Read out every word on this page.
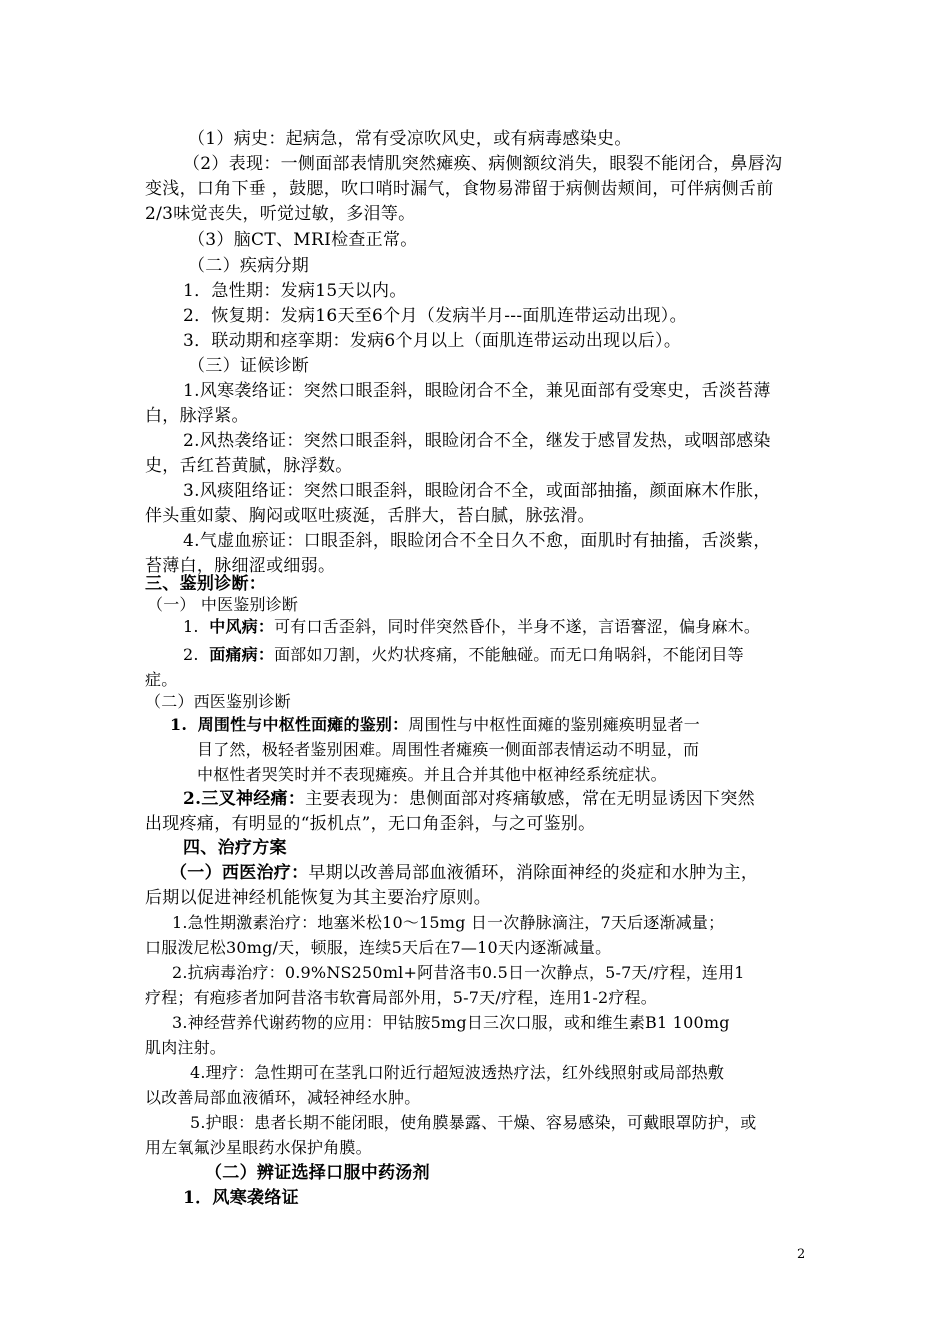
（1）病史：起病急，常有受凉吹风史，或有病毒感染史。
（2）表现：一侧面部表情肌突然瘫痪、病侧额纹消失，眼裂不能闭合，鼻唇沟
变浅，口角下垂 ，鼓腮，吹口哨时漏气，食物易滞留于病侧齿颊间，可伴病侧舌前
2/3味觉丧失，听觉过敏，多泪等。
（3）脑CT、MRI检查正常。
（二）疾病分期
1．急性期：发病15天以内。
2．恢复期：发病16天至6个月（发病半月---面肌连带运动出现）。
3．联动期和痉挛期：发病6个月以上（面肌连带运动出现以后）。
（三）证候诊断
1.风寒袭络证：突然口眼歪斜，眼睑闭合不全，兼见面部有受寒史，舌淡苔薄
白，脉浮紧。
2.风热袭络证：突然口眼歪斜，眼睑闭合不全，继发于感冒发热，或咽部感染
史，舌红苔黄腻，脉浮数。
3.风痰阻络证：突然口眼歪斜，眼睑闭合不全，或面部抽搐，颜面麻木作胀，
伴头重如蒙、胸闷或呕吐痰涎，舌胖大，苔白腻，脉弦滑。
4.气虚血瘀证：口眼歪斜，眼睑闭合不全日久不愈，面肌时有抽搐，舌淡紫，
苔薄白，脉细涩或细弱。
三、鉴别诊断：
（一） 中医鉴别诊断
1. 中风病：可有口舌歪斜，同时伴突然昏仆，半身不遂，言语謇涩，偏身麻木。
2. 面痛病：面部如刀割，火灼状疼痛，不能触碰。而无口角㖞斜，不能闭目等
症。
（二）西医鉴别诊断
1. 周围性与中枢性面瘫的鉴别：周围性与中枢性面瘫的鉴别瘫痪明显者一
目了然，极轻者鉴别困难。周围性者瘫痪一侧面部表情运动不明显，而
中枢性者哭笑时并不表现瘫痪。并且合并其他中枢神经系统症状。
2.三叉神经痛：主要表现为：患侧面部对疼痛敏感，常在无明显诱因下突然
出现疼痛，有明显的“扳机点”，无口角歪斜，与之可鉴别。
四、治疗方案
（一）西医治疗：早期以改善局部血液循环，消除面神经的炎症和水肿为主，
后期以促进神经机能恢复为其主要治疗原则。
1.急性期激素治疗：地塞米松10～15mg 日一次静脉滴注，7天后逐渐减量；
口服泼尼松30mg/天，顿服，连续5天后在7—10天内逐渐减量。
2.抗病毒治疗：0.9%NS250ml+阿昔洛韦0.5日一次静点，5-7天/疗程，连用1
疗程；有疱疹者加阿昔洛韦软膏局部外用，5-7天/疗程，连用1-2疗程。
3.神经营养代谢药物的应用：甲钴胺5mg日三次口服，或和维生素B1 100mg
肌肉注射。
4.理疗：急性期可在茎乳口附近行超短波透热疗法，红外线照射或局部热敷
以改善局部血液循环，减轻神经水肿。
5.护眼：患者长期不能闭眼，使角膜暴露、干燥、容易感染，可戴眼罩防护，或
用左氧氟沙星眼药水保护角膜。
（二）辨证选择口服中药汤剂
1．风寒袭络证
2
